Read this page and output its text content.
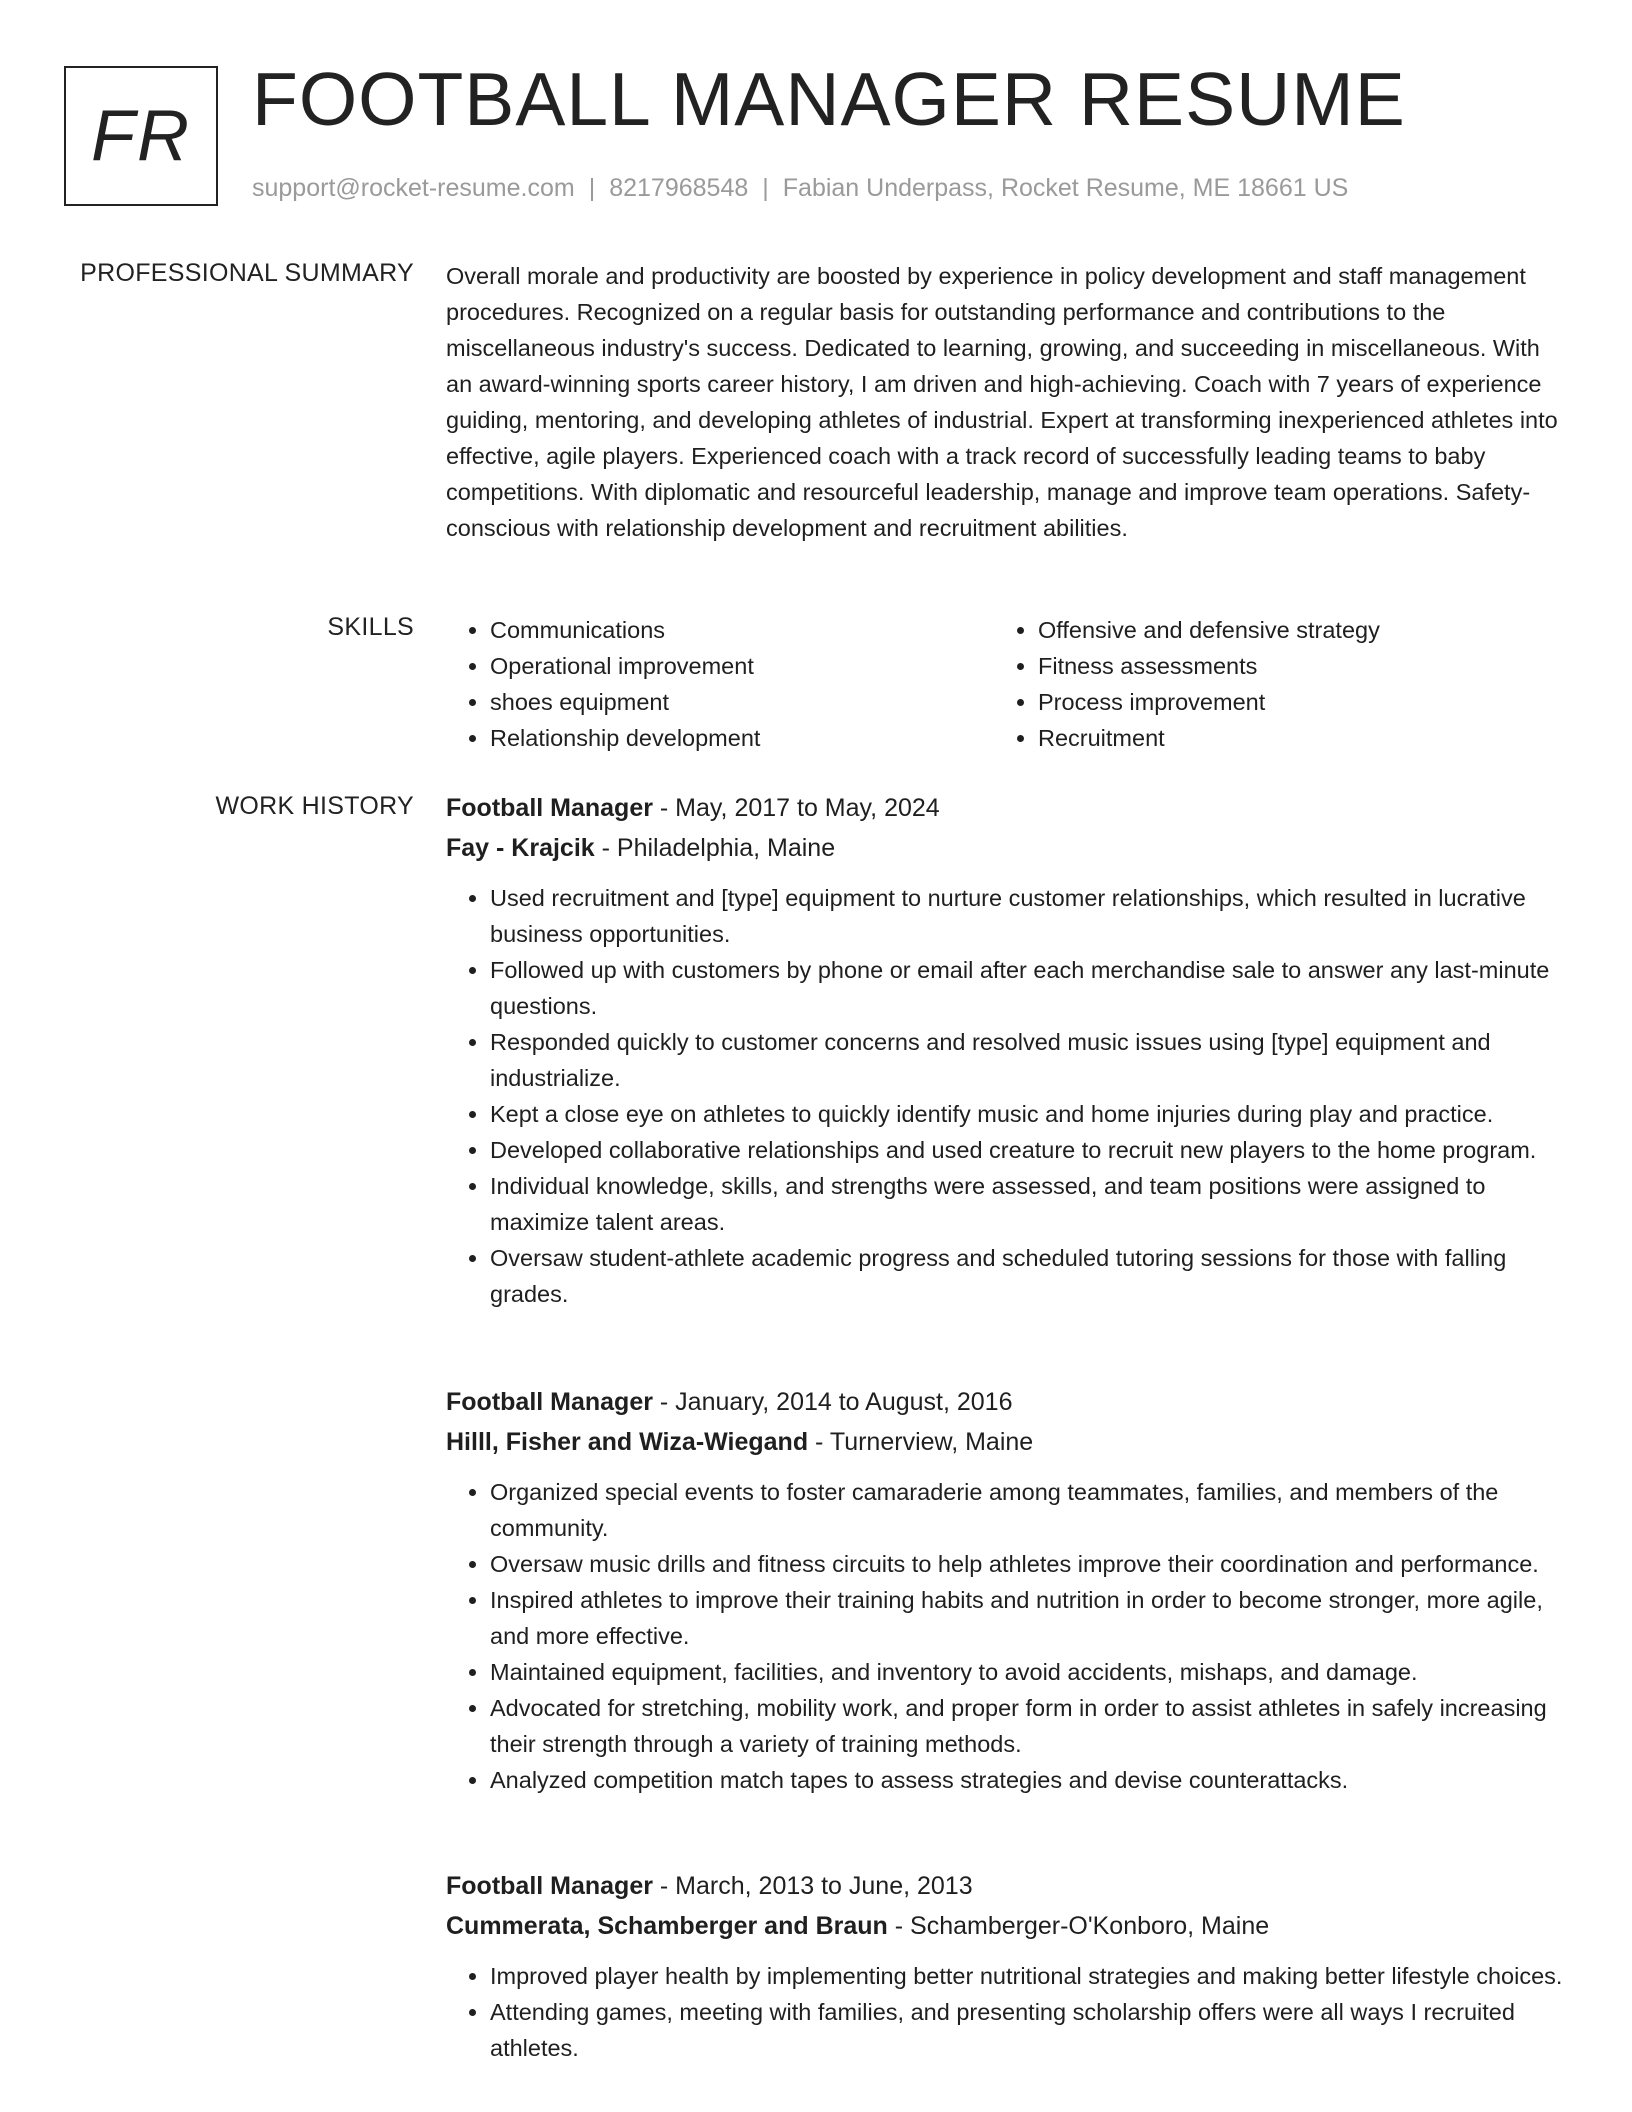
FR FOOTBALL MANAGER RESUME
support@rocket-resume.com | 8217968548 | Fabian Underpass, Rocket Resume, ME 18661 US
PROFESSIONAL SUMMARY Overall morale and productivity are boosted by experience in policy development and staff management procedures. Recognized on a regular basis for outstanding performance and contributions to the miscellaneous industry's success. Dedicated to learning, growing, and succeeding in miscellaneous. With an award-winning sports career history, I am driven and high-achieving. Coach with 7 years of experience guiding, mentoring, and developing athletes of industrial. Expert at transforming inexperienced athletes into effective, agile players. Experienced coach with a track record of successfully leading teams to baby competitions. With diplomatic and resourceful leadership, manage and improve team operations. Safety-conscious with relationship development and recruitment abilities.

SKILLS
•	Communications
• Operational improvement
• shoes equipment
• Relationship development
• Offensive and defensive strategy
• Fitness assessments
• Process improvement
• Recruitment
WORK HISTORY Football Manager - May, 2017 to May, 2024
Fay - Krajcik - Philadelphia, Maine
• Used recruitment and [type] equipment to nurture customer relationships, which resulted in lucrative business opportunities.
• Followed up with customers by phone or email after each merchandise sale to answer any last-minute questions.
• Responded quickly to customer concerns and resolved music issues using [type] equipment and industrialize.
• Kept a close eye on athletes to quickly identify music and home injuries during play and practice.
• Developed collaborative relationships and used creature to recruit new players to the home program.
• Individual knowledge, skills, and strengths were assessed, and team positions were assigned to maximize talent areas.
• Oversaw student-athlete academic progress and scheduled tutoring sessions for those with falling grades.
Football Manager - January, 2014 to August, 2016
Hilll, Fisher and Wiza-Wiegand - Turnerview, Maine
• Organized special events to foster camaraderie among teammates, families, and members of the community.
• Oversaw music drills and fitness circuits to help athletes improve their coordination and performance.
• Inspired athletes to improve their training habits and nutrition in order to become stronger, more agile, and more effective.
• Maintained equipment, facilities, and inventory to avoid accidents, mishaps, and damage.
• Advocated for stretching, mobility work, and proper form in order to assist athletes in safely increasing their strength through a variety of training methods.
• Analyzed competition match tapes to assess strategies and devise counterattacks.
Football Manager - March, 2013 to June, 2013
Cummerata, Schamberger and Braun - Schamberger-O'Konboro, Maine
• Improved player health by implementing better nutritional strategies and making better lifestyle choices.
• Attending games, meeting with families, and presenting scholarship offers were all ways I recruited athletes.
